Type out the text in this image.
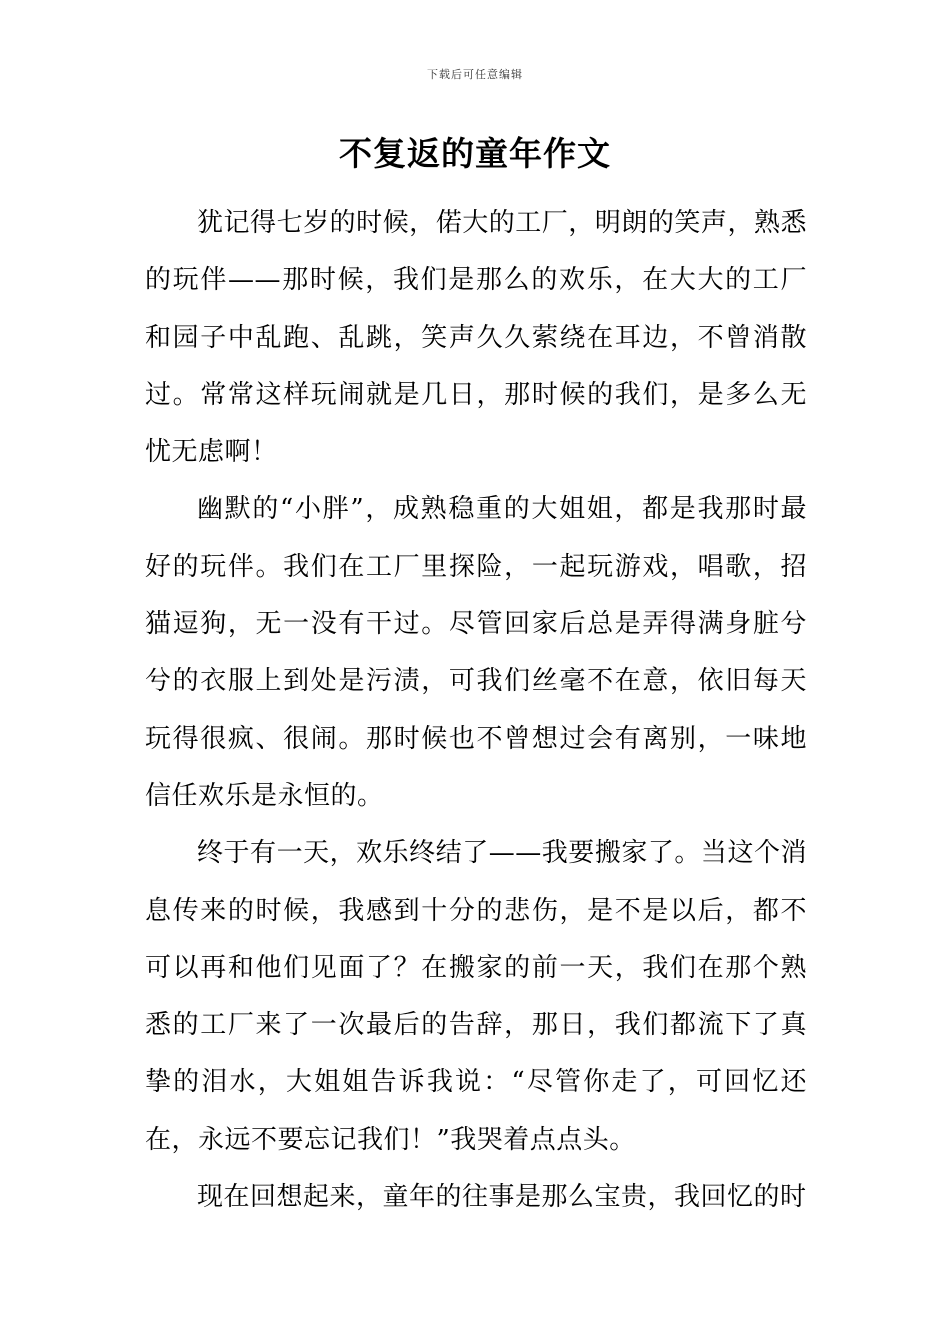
下载后可任意编辑
不复返的童年作文

犹记得七岁的时候，偌大的工厂，明朗的笑声，熟悉的玩伴——那时候，我们是那么的欢乐，在大大的工厂和园子中乱跑、乱跳，笑声久久萦绕在耳边，不曾消散过。常常这样玩闹就是几日，那时候的我们，是多么无忧无虑啊！

幽默的“小胖”，成熟稳重的大姐姐，都是我那时最好的玩伴。我们在工厂里探险，一起玩游戏，唱歌，招猫逗狗，无一没有干过。尽管回家后总是弄得满身脏兮兮的衣服上到处是污渍，可我们丝毫不在意，依旧每天玩得很疯、很闹。那时候也不曾想过会有离别，一味地信任欢乐是永恒的。

终于有一天，欢乐终结了——我要搬家了。当这个消息传来的时候，我感到十分的悲伤，是不是以后，都不可以再和他们见面了？在搬家的前一天，我们在那个熟悉的工厂来了一次最后的告辞，那日，我们都流下了真挚的泪水，大姐姐告诉我说：“尽管你走了，可回忆还在，永远不要忘记我们！”我哭着点点头。

现在回想起来，童年的往事是那么宝贵，我回忆的时
